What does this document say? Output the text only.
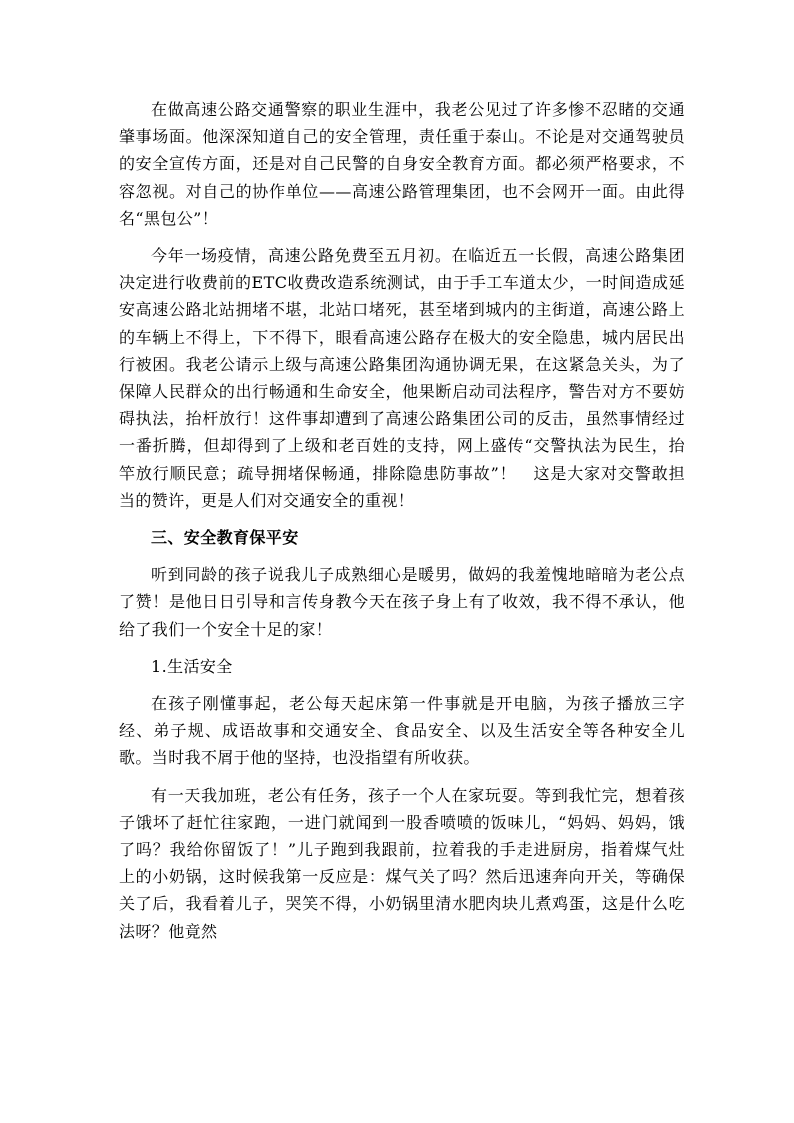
在做高速公路交通警察的职业生涯中，我老公见过了许多惨不忍睹的交通肇事场面。他深深知道自己的安全管理，责任重于泰山。不论是对交通驾驶员的安全宣传方面，还是对自己民警的自身安全教育方面。都必须严格要求，不容忽视。对自己的协作单位——高速公路管理集团，也不会网开一面。由此得名“黑包公”！

今年一场疫情，高速公路免费至五月初。在临近五一长假，高速公路集团决定进行收费前的ETC收费改造系统测试，由于手工车道太少，一时间造成延安高速公路北站拥堵不堪，北站口堵死，甚至堵到城内的主街道，高速公路上的车辆上不得上，下不得下，眼看高速公路存在极大的安全隐患，城内居民出行被困。我老公请示上级与高速公路集团沟通协调无果，在这紧急关头，为了保障人民群众的出行畅通和生命安全，他果断启动司法程序，警告对方不要妨碍执法，抬杆放行！这件事却遭到了高速公路集团公司的反击，虽然事情经过一番折腾，但却得到了上级和老百姓的支持，网上盛传“交警执法为民生，抬竿放行顺民意；疏导拥堵保畅通，排除隐患防事故”！　这是大家对交警敢担当的赞许，更是人们对交通安全的重视！

三、安全教育保平安

听到同龄的孩子说我儿子成熟细心是暖男，做妈的我羞愧地暗暗为老公点了赞！是他日日引导和言传身教今天在孩子身上有了收效，我不得不承认，他给了我们一个安全十足的家！

1.生活安全

在孩子刚懂事起，老公每天起床第一件事就是开电脑，为孩子播放三字经、弟子规、成语故事和交通安全、食品安全、以及生活安全等各种安全儿歌。当时我不屑于他的坚持，也没指望有所收获。

有一天我加班，老公有任务，孩子一个人在家玩耍。等到我忙完，想着孩子饿坏了赶忙往家跑，一进门就闻到一股香喷喷的饭味儿，“妈妈、妈妈，饿了吗？我给你留饭了！”儿子跑到我跟前，拉着我的手走进厨房，指着煤气灶上的小奶锅，这时候我第一反应是：煤气关了吗？然后迅速奔向开关，等确保关了后，我看着儿子，哭笑不得，小奶锅里清水肥肉块儿煮鸡蛋，这是什么吃法呀？他竟然
